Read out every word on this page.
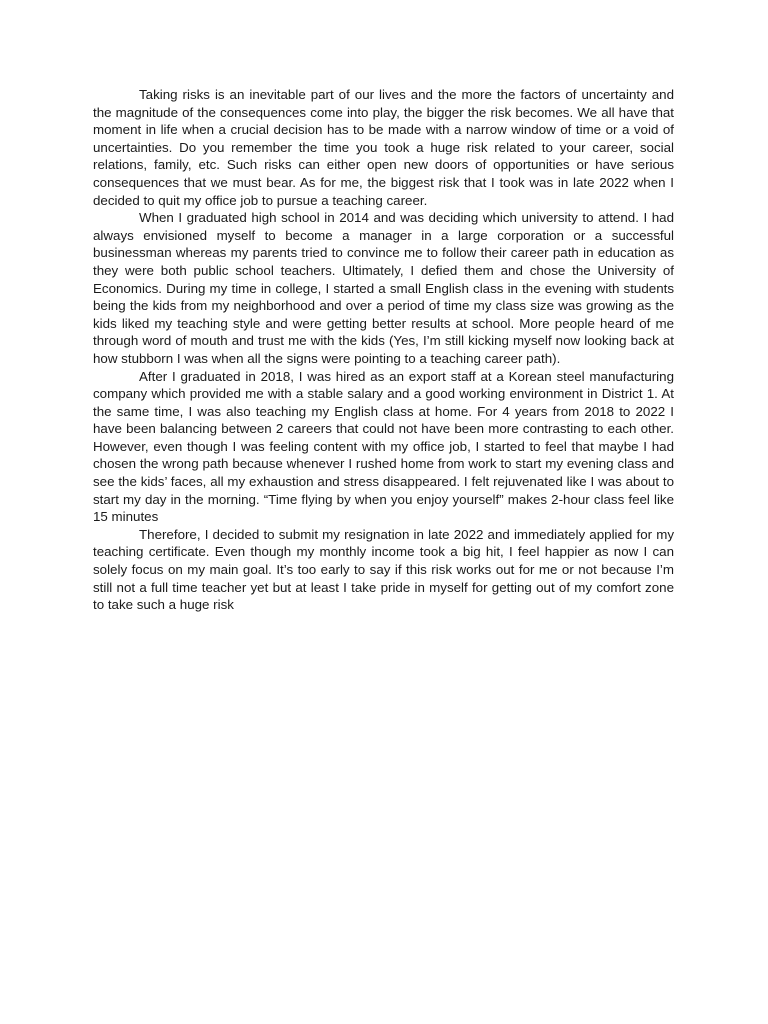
Taking risks is an inevitable part of our lives and the more the factors of uncertainty and the magnitude of the consequences come into play, the bigger the risk becomes. We all have that moment in life when a crucial decision has to be made with a narrow window of time or a void of uncertainties. Do you remember the time you took a huge risk related to your career, social relations, family, etc. Such risks can either open new doors of opportunities or have serious consequences that we must bear. As for me, the biggest risk that I took was in late 2022 when I decided to quit my office job to pursue a teaching career.

When I graduated high school in 2014 and was deciding which university to attend. I had always envisioned myself to become a manager in a large corporation or a successful businessman whereas my parents tried to convince me to follow their career path in education as they were both public school teachers. Ultimately, I defied them and chose the University of Economics. During my time in college, I started a small English class in the evening with students being the kids from my neighborhood and over a period of time my class size was growing as the kids liked my teaching style and were getting better results at school. More people heard of me through word of mouth and trust me with the kids (Yes, I’m still kicking myself now looking back at how stubborn I was when all the signs were pointing to a teaching career path).

After I graduated in 2018, I was hired as an export staff at a Korean steel manufacturing company which provided me with a stable salary and a good working environment in District 1. At the same time, I was also teaching my English class at home. For 4 years from 2018 to 2022 I have been balancing between 2 careers that could not have been more contrasting to each other. However, even though I was feeling content with my office job, I started to feel that maybe I had chosen the wrong path because whenever I rushed home from work to start my evening class and see the kids’ faces, all my exhaustion and stress disappeared. I felt rejuvenated like I was about to start my day in the morning. “Time flying by when you enjoy yourself” makes 2-hour class feel like 15 minutes

Therefore, I decided to submit my resignation in late 2022 and immediately applied for my teaching certificate. Even though my monthly income took a big hit, I feel happier as now I can solely focus on my main goal. It’s too early to say if this risk works out for me or not because I’m still not a full time teacher yet but at least I take pride in myself for getting out of my comfort zone to take such a huge risk
